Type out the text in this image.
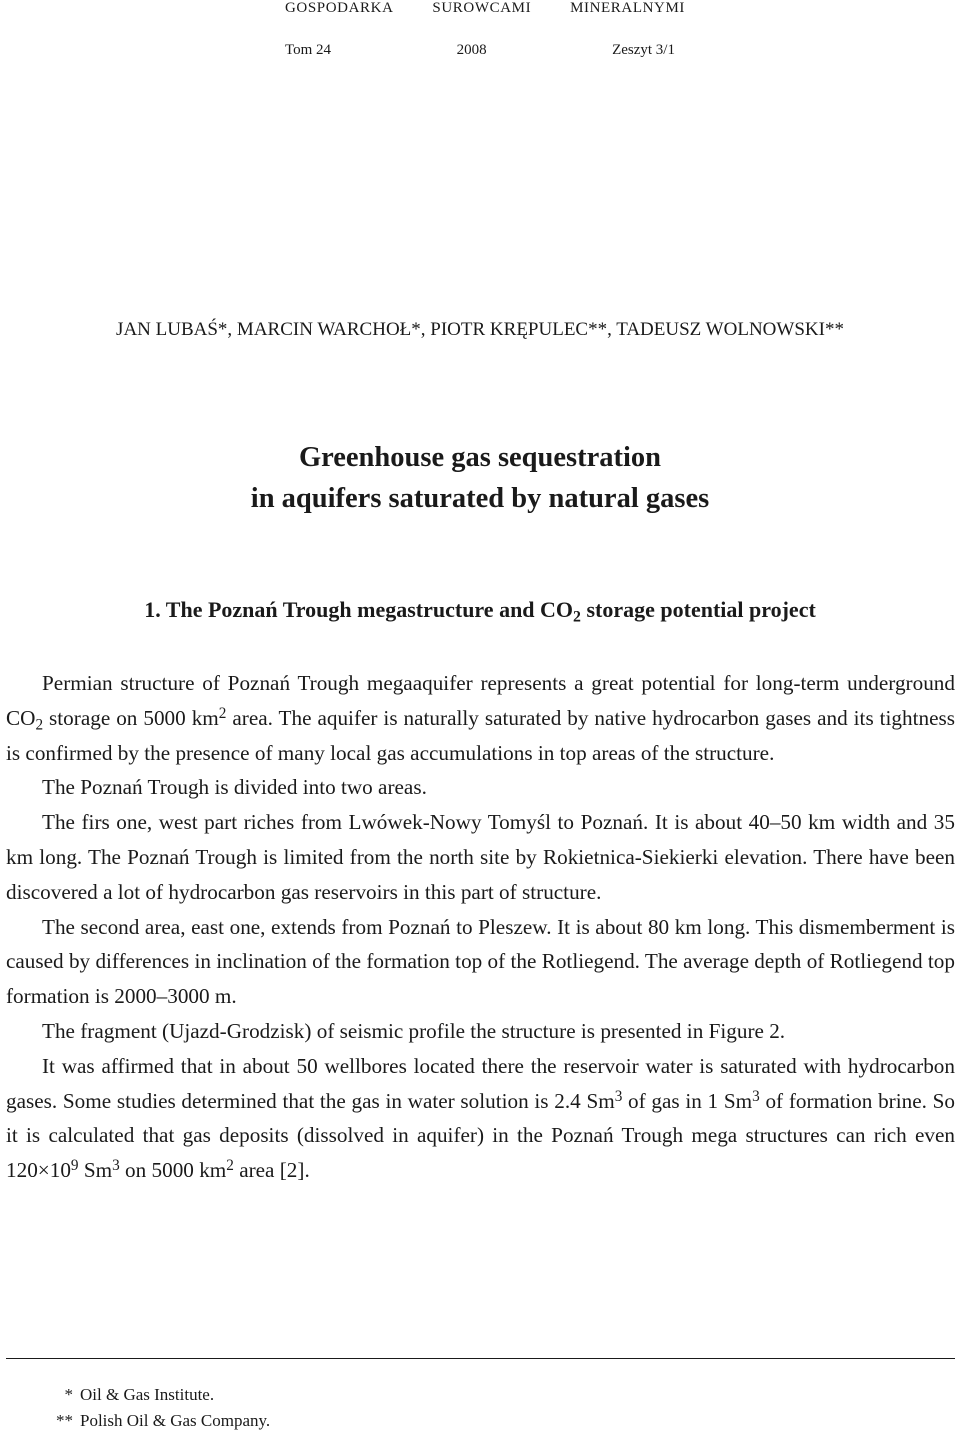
GOSPODARKA	SUROWCAMI	MINERALNYMI
Tom 24	2008	Zeszyt 3/1
JAN LUBAŚ*, MARCIN WARCHOŁ*, PIOTR KRĘPULEC**, TADEUSZ WOLNOWSKI**
Greenhouse gas sequestration
in aquifers saturated by natural gases
1. The Poznań Trough megastructure and $CO_2$ storage potential project

Permian structure of Poznań Trough megaaquifer represents a great potential for long-term underground $CO_2$ storage on 5000 $km^2$ area. The aquifer is naturally saturated by native hydrocarbon gases and its tightness is confirmed by the presence of many local gas accumulations in top areas of the structure.

The Poznań Trough is divided into two areas.

The firs one, west part riches from Lwówek-Nowy Tomyśl to Poznań. It is about 40–50 km width and 35 km long. The Poznań Trough is limited from the north site by Rokietnica-Siekierki elevation. There have been discovered a lot of hydrocarbon gas reservoirs in this part of structure.

The second area, east one, extends from Poznań to Pleszew. It is about 80 km long. This dismemberment is caused by differences in inclination of the formation top of the Rotliegend. The average depth of Rotliegend top formation is 2000–3000 m.

The fragment (Ujazd-Grodzisk) of seismic profile the structure is presented in Figure 2.

It was affirmed that in about 50 wellbores located there the reservoir water is saturated with hydrocarbon gases. Some studies determined that the gas in water solution is 2.4 Sm$^3$ of gas in 1 Sm$^3$ of formation brine. So it is calculated that gas deposits (dissolved in aquifer) in the Poznań Trough mega structures can rich even $120\times 10^9$ Sm$^3$ on 5000 $km^2$ area [2].

* Oil & Gas Institute.
** Polish Oil & Gas Company.
